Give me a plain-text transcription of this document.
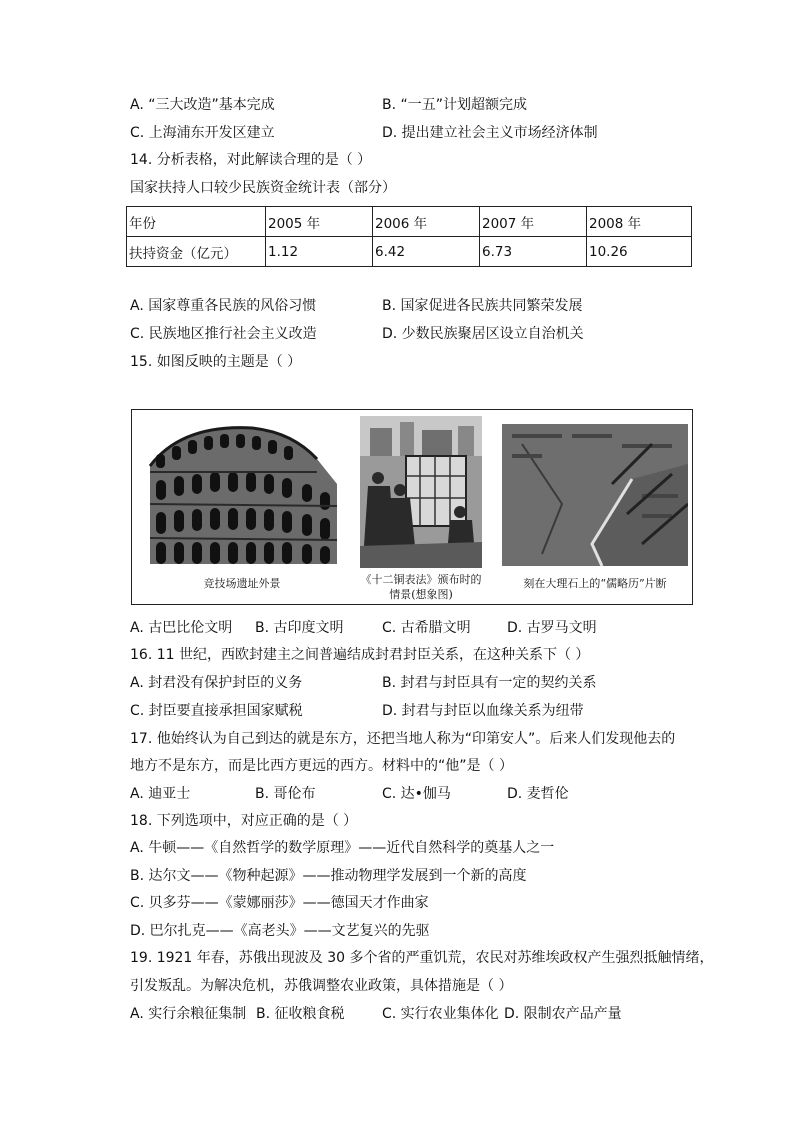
A. “三大改造”基本完成	B. “一五”计划超额完成
C. 上海浦东开发区建立	D. 提出建立社会主义市场经济体制
14. 分析表格，对此解读合理的是（ ）
国家扶持人口较少民族资金统计表（部分）
年份	2005 年	2006 年	2007 年	2008 年
扶持资金（亿元）	1.12	6.42	6.73	10.26
A. 国家尊重各民族的风俗习惯	B. 国家促进各民族共同繁荣发展
C. 民族地区推行社会主义改造	D. 少数民族聚居区设立自治机关
15. 如图反映的主题是（ ）
竞技场遗址外景	《十二铜表法》颁布时的
情景(想象图)
刻在大理石上的“儒略历”片断
A. 古巴比伦文明 B. 古印度文明	C. 古希腊文明	D. 古罗马文明
16. 11 世纪，西欧封建主之间普遍结成封君封臣关系，在这种关系下（ ）
A. 封君没有保护封臣的义务	B. 封君与封臣具有一定的契约关系
C. 封臣要直接承担国家赋税	D. 封君与封臣以血缘关系为纽带
17. 他始终认为自己到达的就是东方，还把当地人称为“印第安人”。后来人们发现他去的
地方不是东方，而是比西方更远的西方。材料中的“他”是（ ）
A. 迪亚士	B. 哥伦布	C. 达•伽马	D. 麦哲伦
18. 下列选项中，对应正确的是（ ）
A. 牛顿——《自然哲学的数学原理》——近代自然科学的奠基人之一
B. 达尔文——《物种起源》——推动物理学发展到一个新的高度
C. 贝多芬——《蒙娜丽莎》——德国天才作曲家
D. 巴尔扎克——《高老头》——文艺复兴的先驱
19. 1921 年春，苏俄出现波及 30 多个省的严重饥荒，农民对苏维埃政权产生强烈抵触情绪，
引发叛乱。为解决危机，苏俄调整农业政策，具体措施是（ ）
A. 实行余粮征集制 B. 征收粮食税	C. 实行农业集体化 D. 限制农产品产量
